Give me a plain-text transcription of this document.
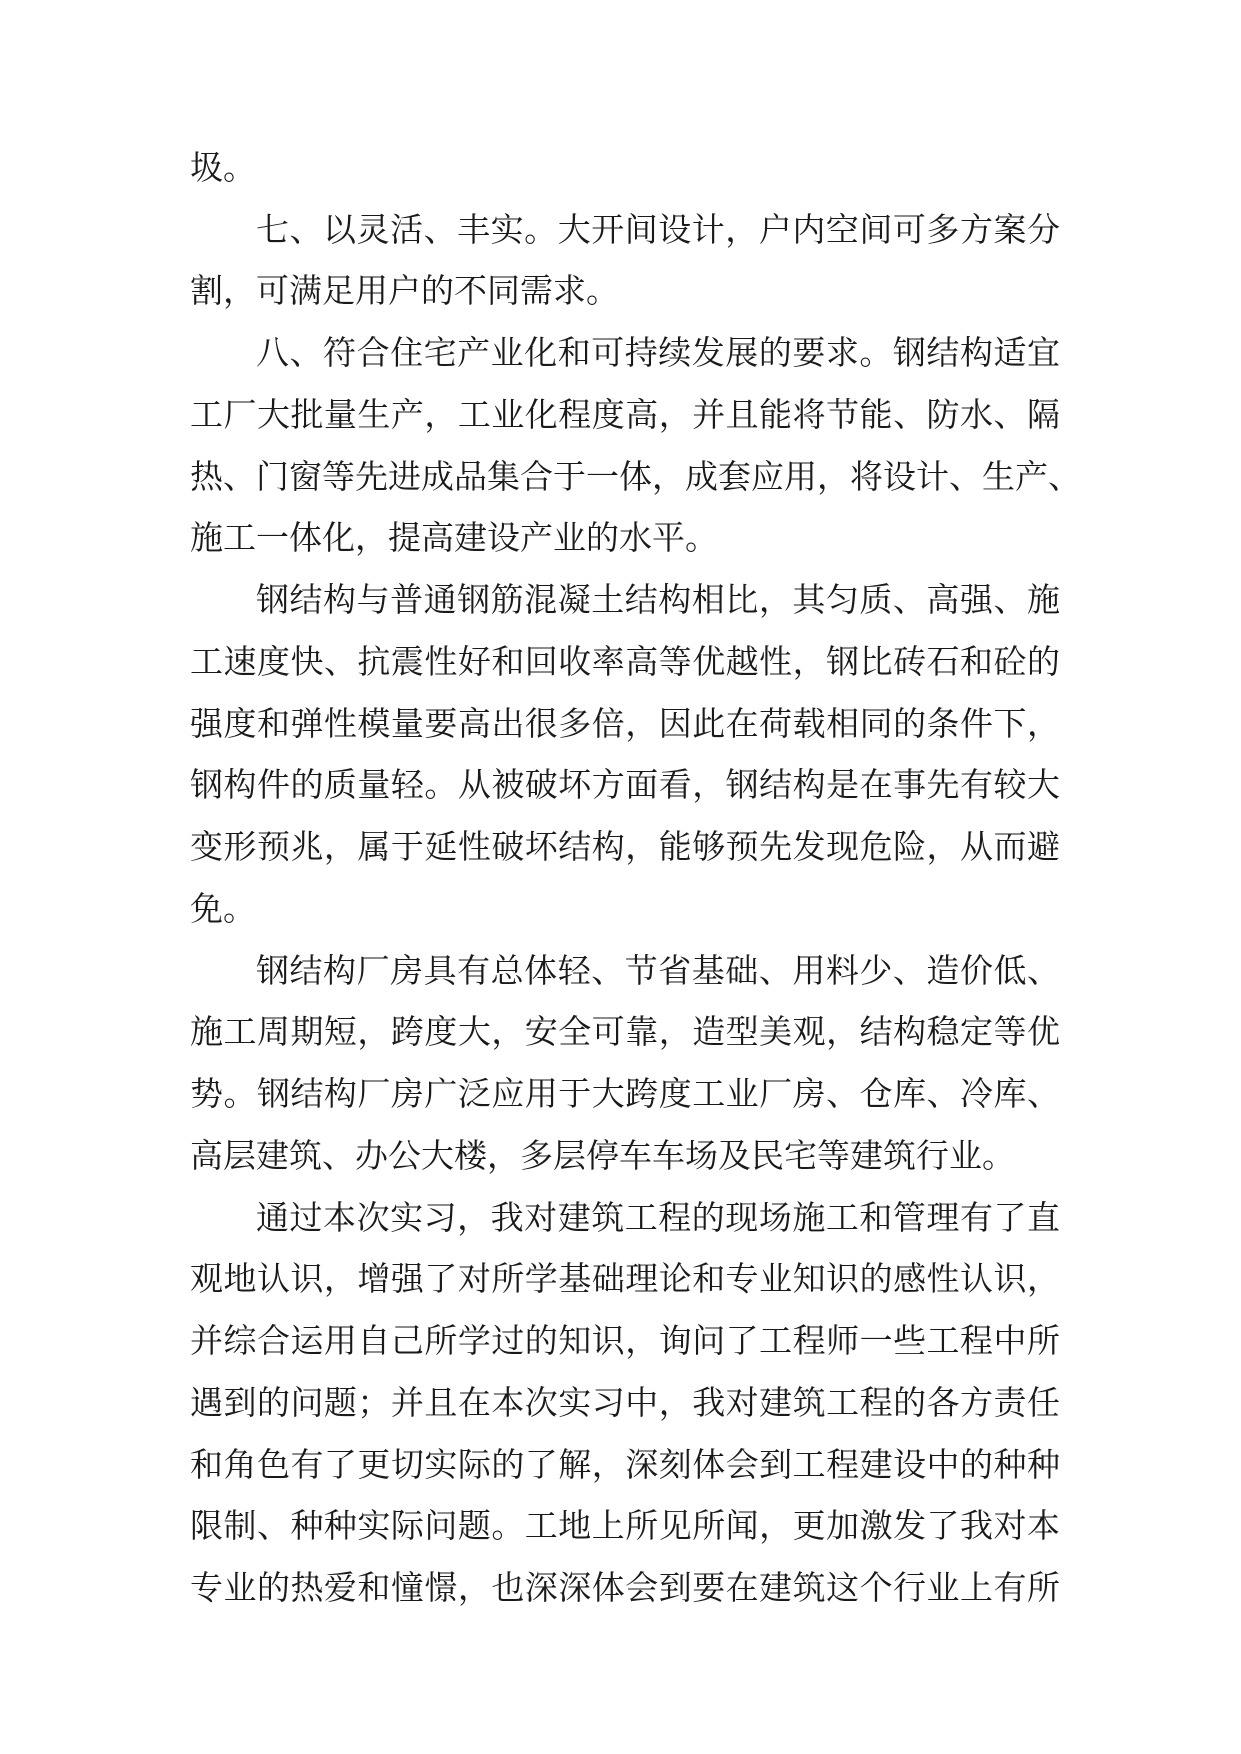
圾。
七、以灵活、丰实。大开间设计，户内空间可多方案分
割，可满足用户的不同需求。
八、符合住宅产业化和可持续发展的要求。钢结构适宜
工厂大批量生产，工业化程度高，并且能将节能、防水、隔
热、门窗等先进成品集合于一体，成套应用，将设计、生产、
施工一体化，提高建设产业的水平。
钢结构与普通钢筋混凝土结构相比，其匀质、高强、施
工速度快、抗震性好和回收率高等优越性，钢比砖石和砼的
强度和弹性模量要高出很多倍，因此在荷载相同的条件下，
钢构件的质量轻。从被破坏方面看，钢结构是在事先有较大
变形预兆，属于延性破坏结构，能够预先发现危险，从而避
免。
钢结构厂房具有总体轻、节省基础、用料少、造价低、
施工周期短，跨度大，安全可靠，造型美观，结构稳定等优
势。钢结构厂房广泛应用于大跨度工业厂房、仓库、冷库、
高层建筑、办公大楼，多层停车车场及民宅等建筑行业。
通过本次实习，我对建筑工程的现场施工和管理有了直
观地认识，增强了对所学基础理论和专业知识的感性认识，
并综合运用自己所学过的知识，询问了工程师一些工程中所
遇到的问题；并且在本次实习中，我对建筑工程的各方责任
和角色有了更切实际的了解，深刻体会到工程建设中的种种
限制、种种实际问题。工地上所见所闻，更加激发了我对本
专业的热爱和憧憬，也深深体会到要在建筑这个行业上有所
